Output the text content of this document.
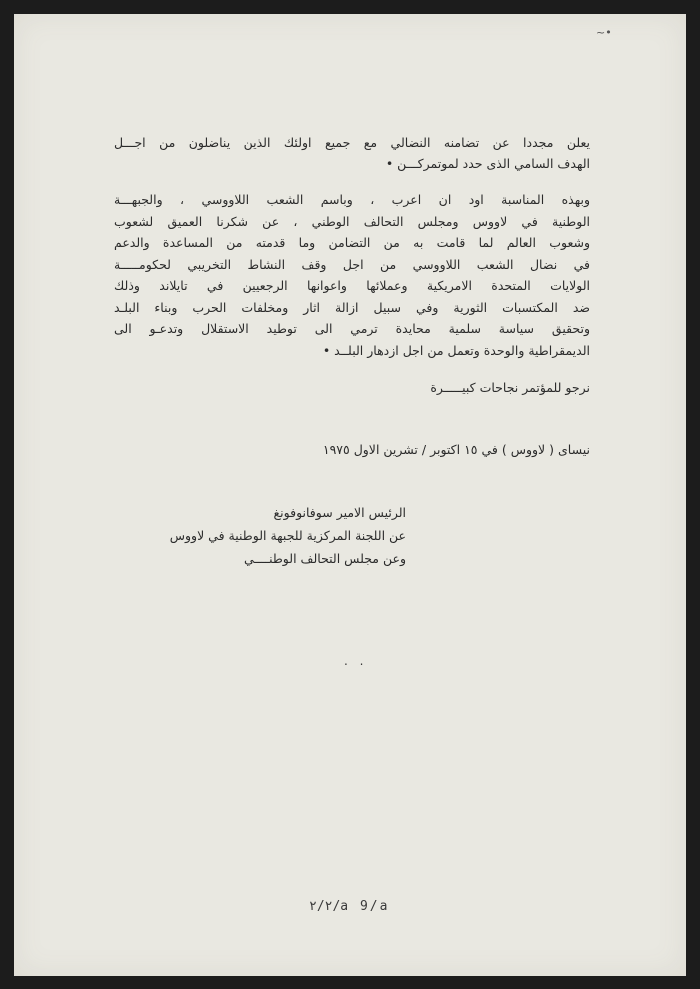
~•
يعلن مجددا عن تضامنه النضالي مع جميع اولئك الذين يناضلون من اجـــل
الهدف السامي الذى حدد لموتمركـــن •
وبهذه المناسبة اود ان اعرب ، وباسم الشعب اللاووسي ، والجبهـــة
الوطنية في لاووس ومجلس التحالف الوطني ، عن شكرنا العميق لشعوب
وشعوب العالم لما قامت به من التضامن وما قدمته من المساعدة والدعم
في نضال الشعب اللاووسي من اجل وقف النشاط التخريبي لحكومـــــة
الولايات المتحدة الامريكية وعملائها واعوانها الرجعيين في تايلاند وذلك
ضد المكتسبات الثورية وفي سبيل ازالة اثار ومخلفات الحرب وبناء البلـد
وتحقيق سياسة سلمية محايدة ترمي الى توطيد الاستقلال وتدعـو الى
الديمقراطية والوحدة وتعمل من اجل ازدهار البلــد •
نرجو للمؤتمر نجاحات كبيـــــرة
نيسای ( لاووس ) في ١٥ اكتوبر / تشرين الاول ١٩٧٥
الرئيس الامير سوفانوفونغ
عن اللجنة المركزية للجبهة الوطنية في لاووس
وعن مجلس التحالف الوطنــــي
. .
٢/٢/a 9/a
